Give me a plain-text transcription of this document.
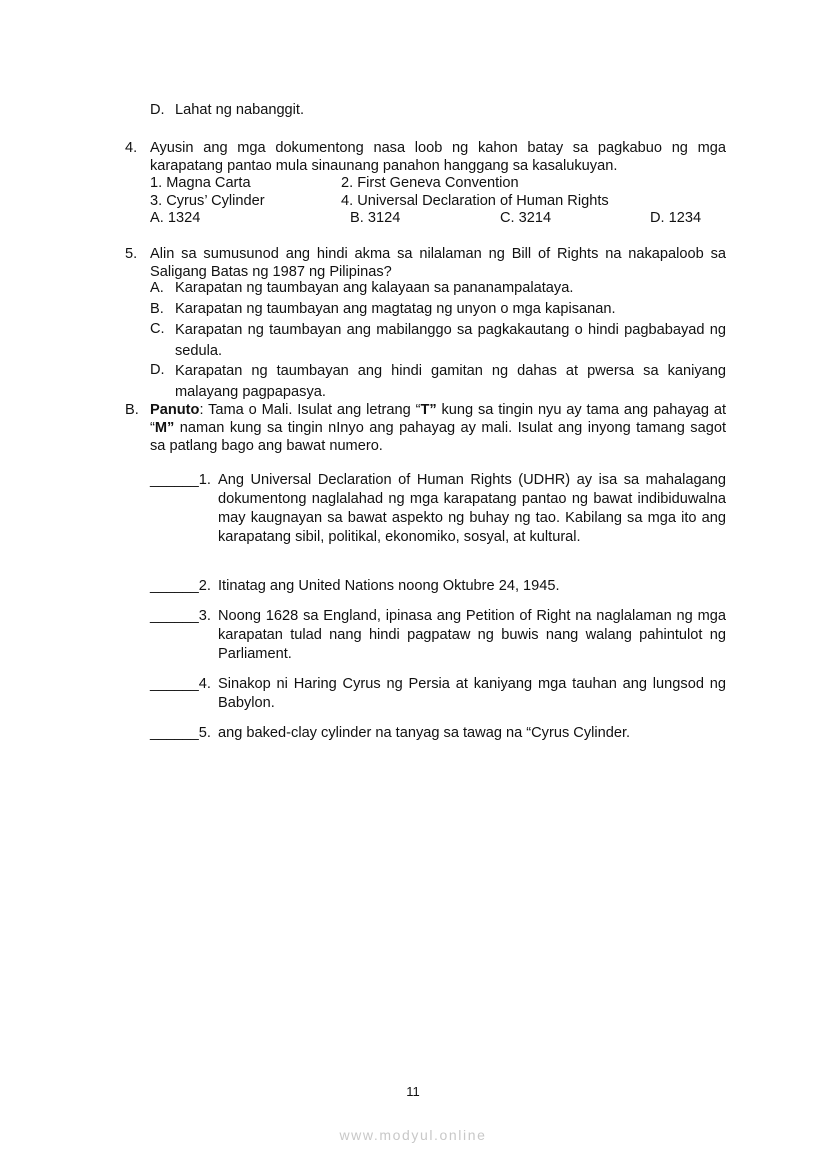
D. Lahat ng nabanggit.
4. Ayusin ang mga dokumentong nasa loob ng kahon batay sa pagkabuo ng mga karapatang pantao mula sinaunang panahon hanggang sa kasalukuyan.
1. Magna Carta	2. First Geneva Convention
3. Cyrus’ Cylinder	4. Universal Declaration of Human Rights
A. 1324	B. 3124	C. 3214	D. 1234
5. Alin sa sumusunod ang hindi akma sa nilalaman ng Bill of Rights na nakapaloob sa Saligang Batas ng 1987 ng Pilipinas?
A. Karapatan ng taumbayan ang kalayaan sa pananampalataya.
B. Karapatan ng taumbayan ang magtatag ng unyon o mga kapisanan.
C. Karapatan ng taumbayan ang mabilanggo sa pagkakautang o hindi pagbabayad ng sedula.
D. Karapatan ng taumbayan ang hindi gamitan ng dahas at pwersa sa kaniyang malayang pagpapasya.
B. Panuto: Tama o Mali. Isulat ang letrang “T” kung sa tingin nyu ay tama ang pahayag at “M” naman kung sa tingin nInyo ang pahayag ay mali. Isulat ang inyong tamang sagot sa patlang bago ang bawat numero.
______1. Ang Universal Declaration of Human Rights (UDHR) ay isa sa mahalagang dokumentong naglalahad ng mga karapatang pantao ng bawat indibiduwalna may kaugnayan sa bawat aspekto ng buhay ng tao. Kabilang sa mga ito ang karapatang sibil, politikal, ekonomiko, sosyal, at kultural.
______2. Itinatag ang United Nations noong Oktubre 24, 1945.
______3. Noong 1628 sa England, ipinasa ang Petition of Right na naglalaman ng mga karapatan tulad nang hindi pagpataw ng buwis nang walang pahintulot ng Parliament.
______4. Sinakop ni Haring Cyrus ng Persia at kaniyang mga tauhan ang lungsod ng Babylon.
______5. ang baked-clay cylinder na tanyag sa tawag na “Cyrus Cylinder.
11
www.modyul.online
